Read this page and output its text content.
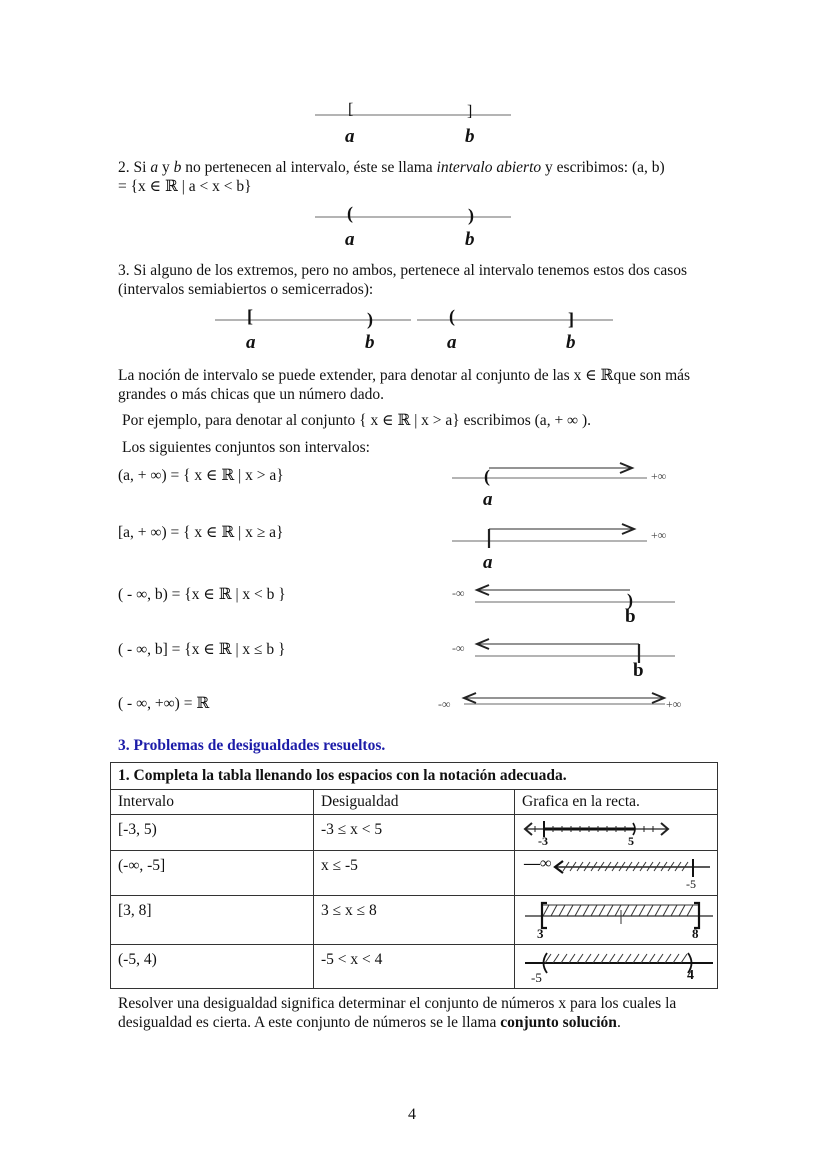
[	]
a	b
2. Si a y b no pertenecen al intervalo, éste se llama intervalo abierto y escribimos: (a, b)
= {x ∈ ℝ | a < x < b}
(	)
a	b
3. Si alguno de los extremos, pero no ambos, pertenece al intervalo tenemos estos dos casos (intervalos semiabiertos o semicerrados):
[	)
a	b
(	]
a	b
La noción de intervalo se puede extender, para denotar al conjunto de las x ∈ ℝque son más grandes o más chicas que un número dado.
Por ejemplo, para denotar al conjunto { x ∈ ℝ | x > a} escribimos (a, + ∞ ).
Los siguientes conjuntos son intervalos:
(a, + ∞) = { x ∈ ℝ | x > a}	(	+∞
a
[a, + ∞) = { x ∈ ℝ | x ≥ a}	+∞
a
( - ∞, b) = {x ∈ ℝ | x < b }	-∞	)
b
( - ∞, b] = {x ∈ ℝ | x ≤ b }	-∞
b
( - ∞, +∞) = ℝ	-∞	+∞
3. Problemas de desigualdades resueltos.
1. Completa la tabla llenando los espacios con la notación adecuada.		
Intervalo	Desigualdad	Grafica en la recta.

[-3, 5)	-3 ≤ x < 5	-3 5

(-∞, -5]	x ≤ -5	—∞
-5

[3, 8]	3 ≤ x ≤ 8	3 8

(-5, 4)	-5 < x < 4	-5 4
Resolver una desigualdad significa determinar el conjunto de números x para los cuales la desigualdad es cierta. A este conjunto de números se le llama conjunto solución.
4
